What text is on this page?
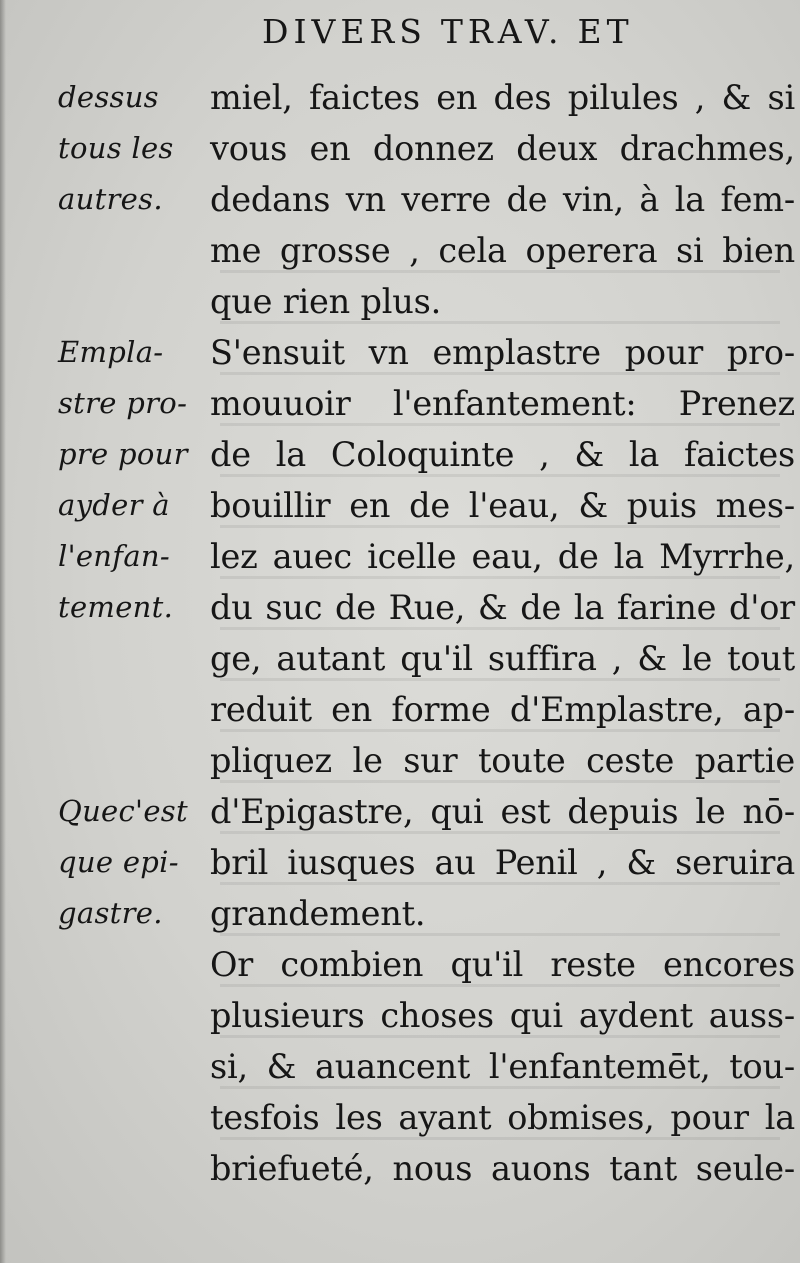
DIVERS TRAV. ET
dessus
tous les
autres.
Empla-
stre pro-
pre pour
ayder à
l'enfan-
tement.
Quec'est
que epi-
gastre.
miel, faictes en des pilules , & si
vous en donnez deux drachmes,
dedans vn verre de vin, à la fem-
me grosse , cela operera si bien
que rien plus.
S'ensuit vn emplastre pour pro-
mouuoir l'enfantement: Prenez
de la Coloquinte , & la faictes
bouillir en de l'eau, & puis mes-
lez auec icelle eau, de la Myrrhe,
du suc de Rue, & de la farine d'or
ge, autant qu'il suffira , & le tout
reduit en forme d'Emplastre, ap-
pliquez le sur toute ceste partie
d'Epigastre, qui est depuis le nō-
bril iusques au Penil , & seruira
grandement.
Or combien qu'il reste encores
plusieurs choses qui aydent auss-
si, & auancent l'enfantemēt, tou-
tesfois les ayant obmises, pour la
briefueté, nous auons tant seule-
